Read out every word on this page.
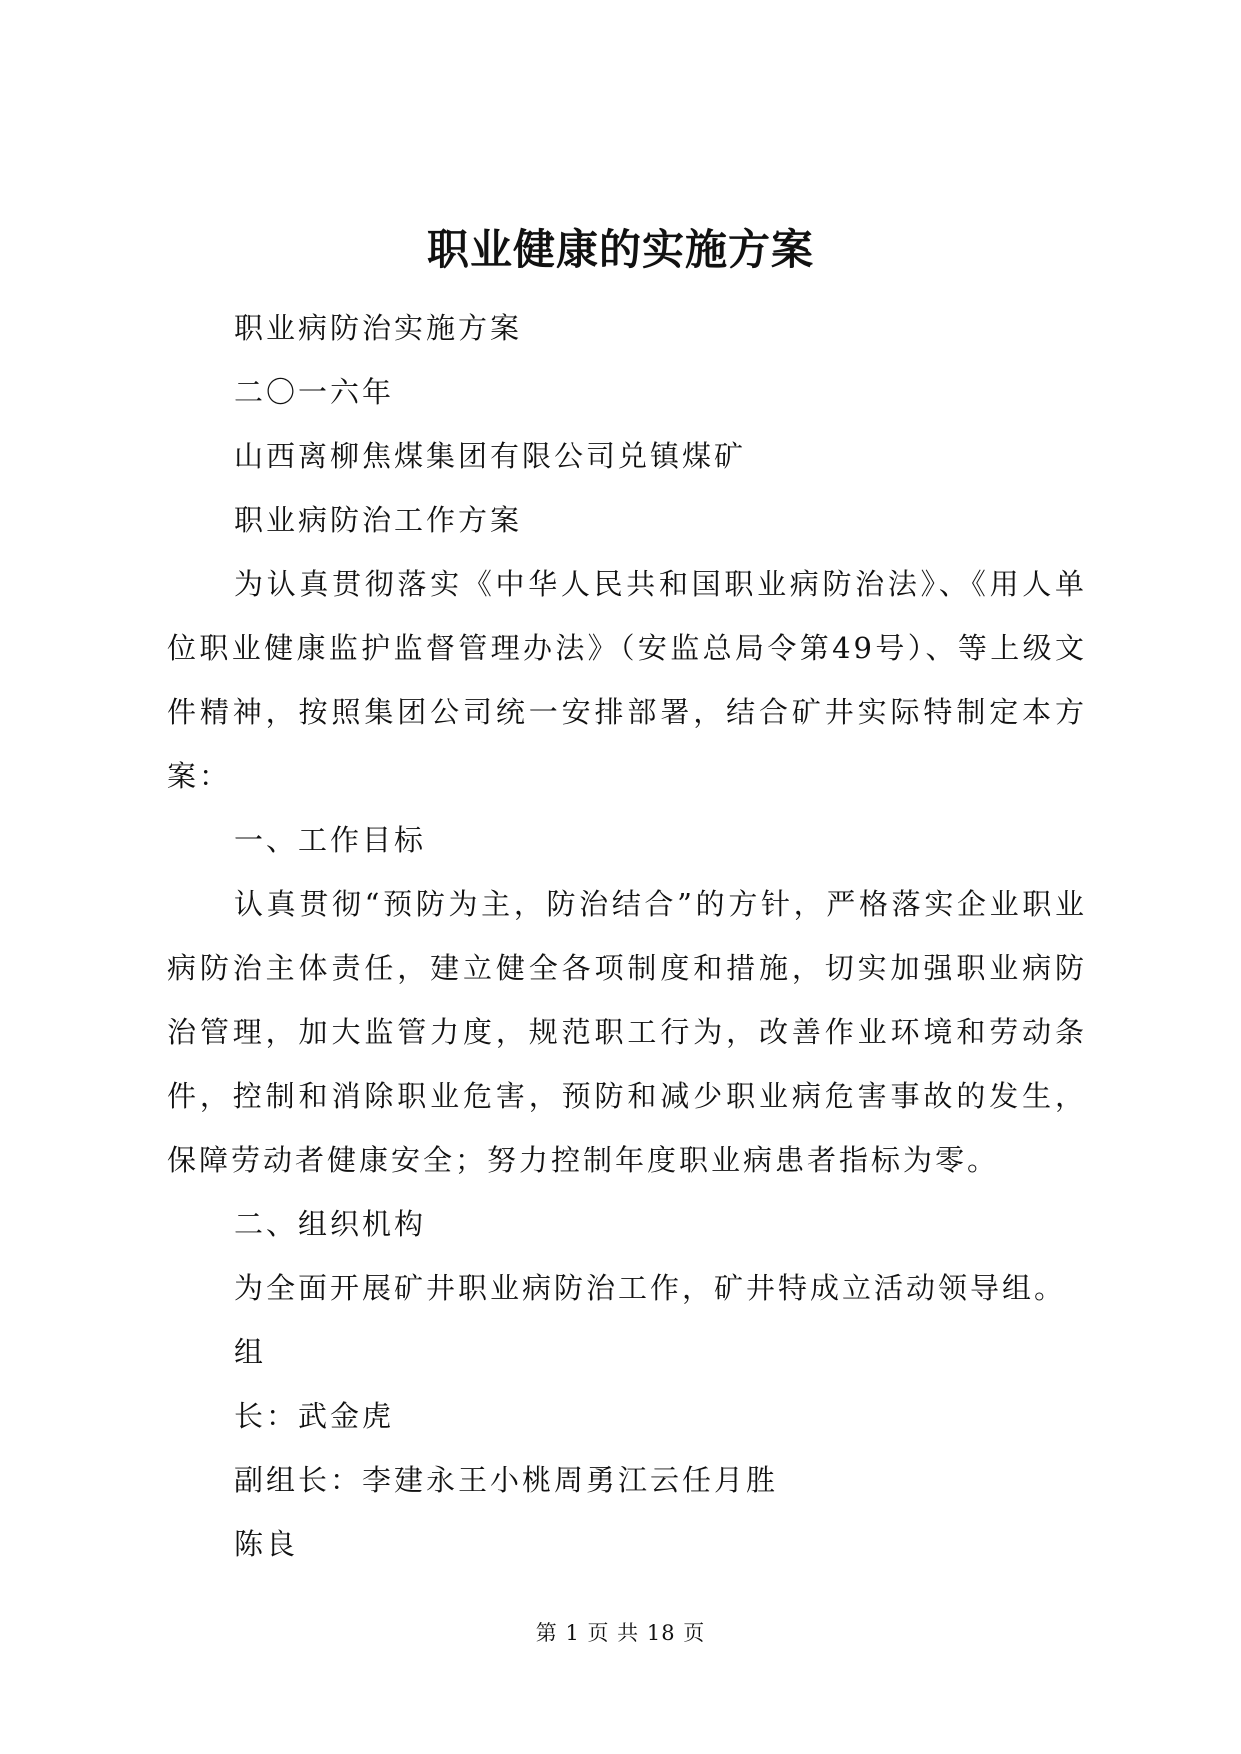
职业健康的实施方案

职业病防治实施方案

二〇一六年

山西离柳焦煤集团有限公司兑镇煤矿

职业病防治工作方案

为认真贯彻落实《中华人民共和国职业病防治法》、《用人单位职业健康监护监督管理办法》（安监总局令第49号）、等上级文件精神，按照集团公司统一安排部署，结合矿井实际特制定本方案：

一、工作目标

认真贯彻“预防为主，防治结合”的方针，严格落实企业职业病防治主体责任，建立健全各项制度和措施，切实加强职业病防治管理，加大监管力度，规范职工行为，改善作业环境和劳动条件，控制和消除职业危害，预防和减少职业病危害事故的发生，保障劳动者健康安全；努力控制年度职业病患者指标为零。

二、组织机构

为全面开展矿井职业病防治工作，矿井特成立活动领导组。

组

长：武金虎

副组长：李建永王小桃周勇江云任月胜

陈良

第 1 页 共 18 页
